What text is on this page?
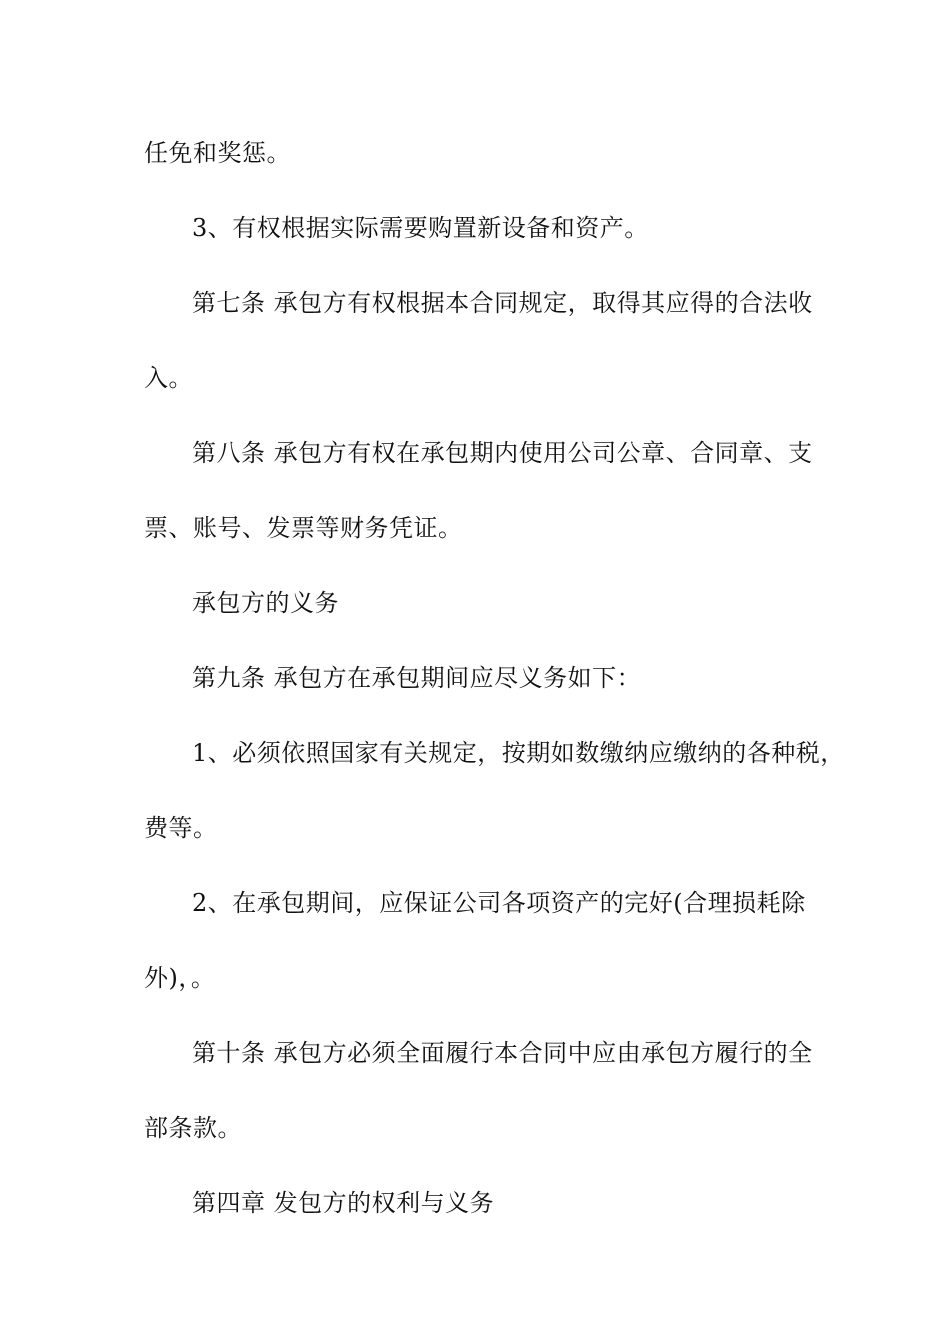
任免和奖惩。
3、有权根据实际需要购置新设备和资产。
第七条 承包方有权根据本合同规定，取得其应得的合法收
入。
第八条 承包方有权在承包期内使用公司公章、合同章、支
票、账号、发票等财务凭证。
承包方的义务
第九条 承包方在承包期间应尽义务如下：
1、必须依照国家有关规定，按期如数缴纳应缴纳的各种税，
费等。
2、在承包期间，应保证公司各项资产的完好(合理损耗除
外)，。
第十条 承包方必须全面履行本合同中应由承包方履行的全
部条款。
第四章 发包方的权利与义务
